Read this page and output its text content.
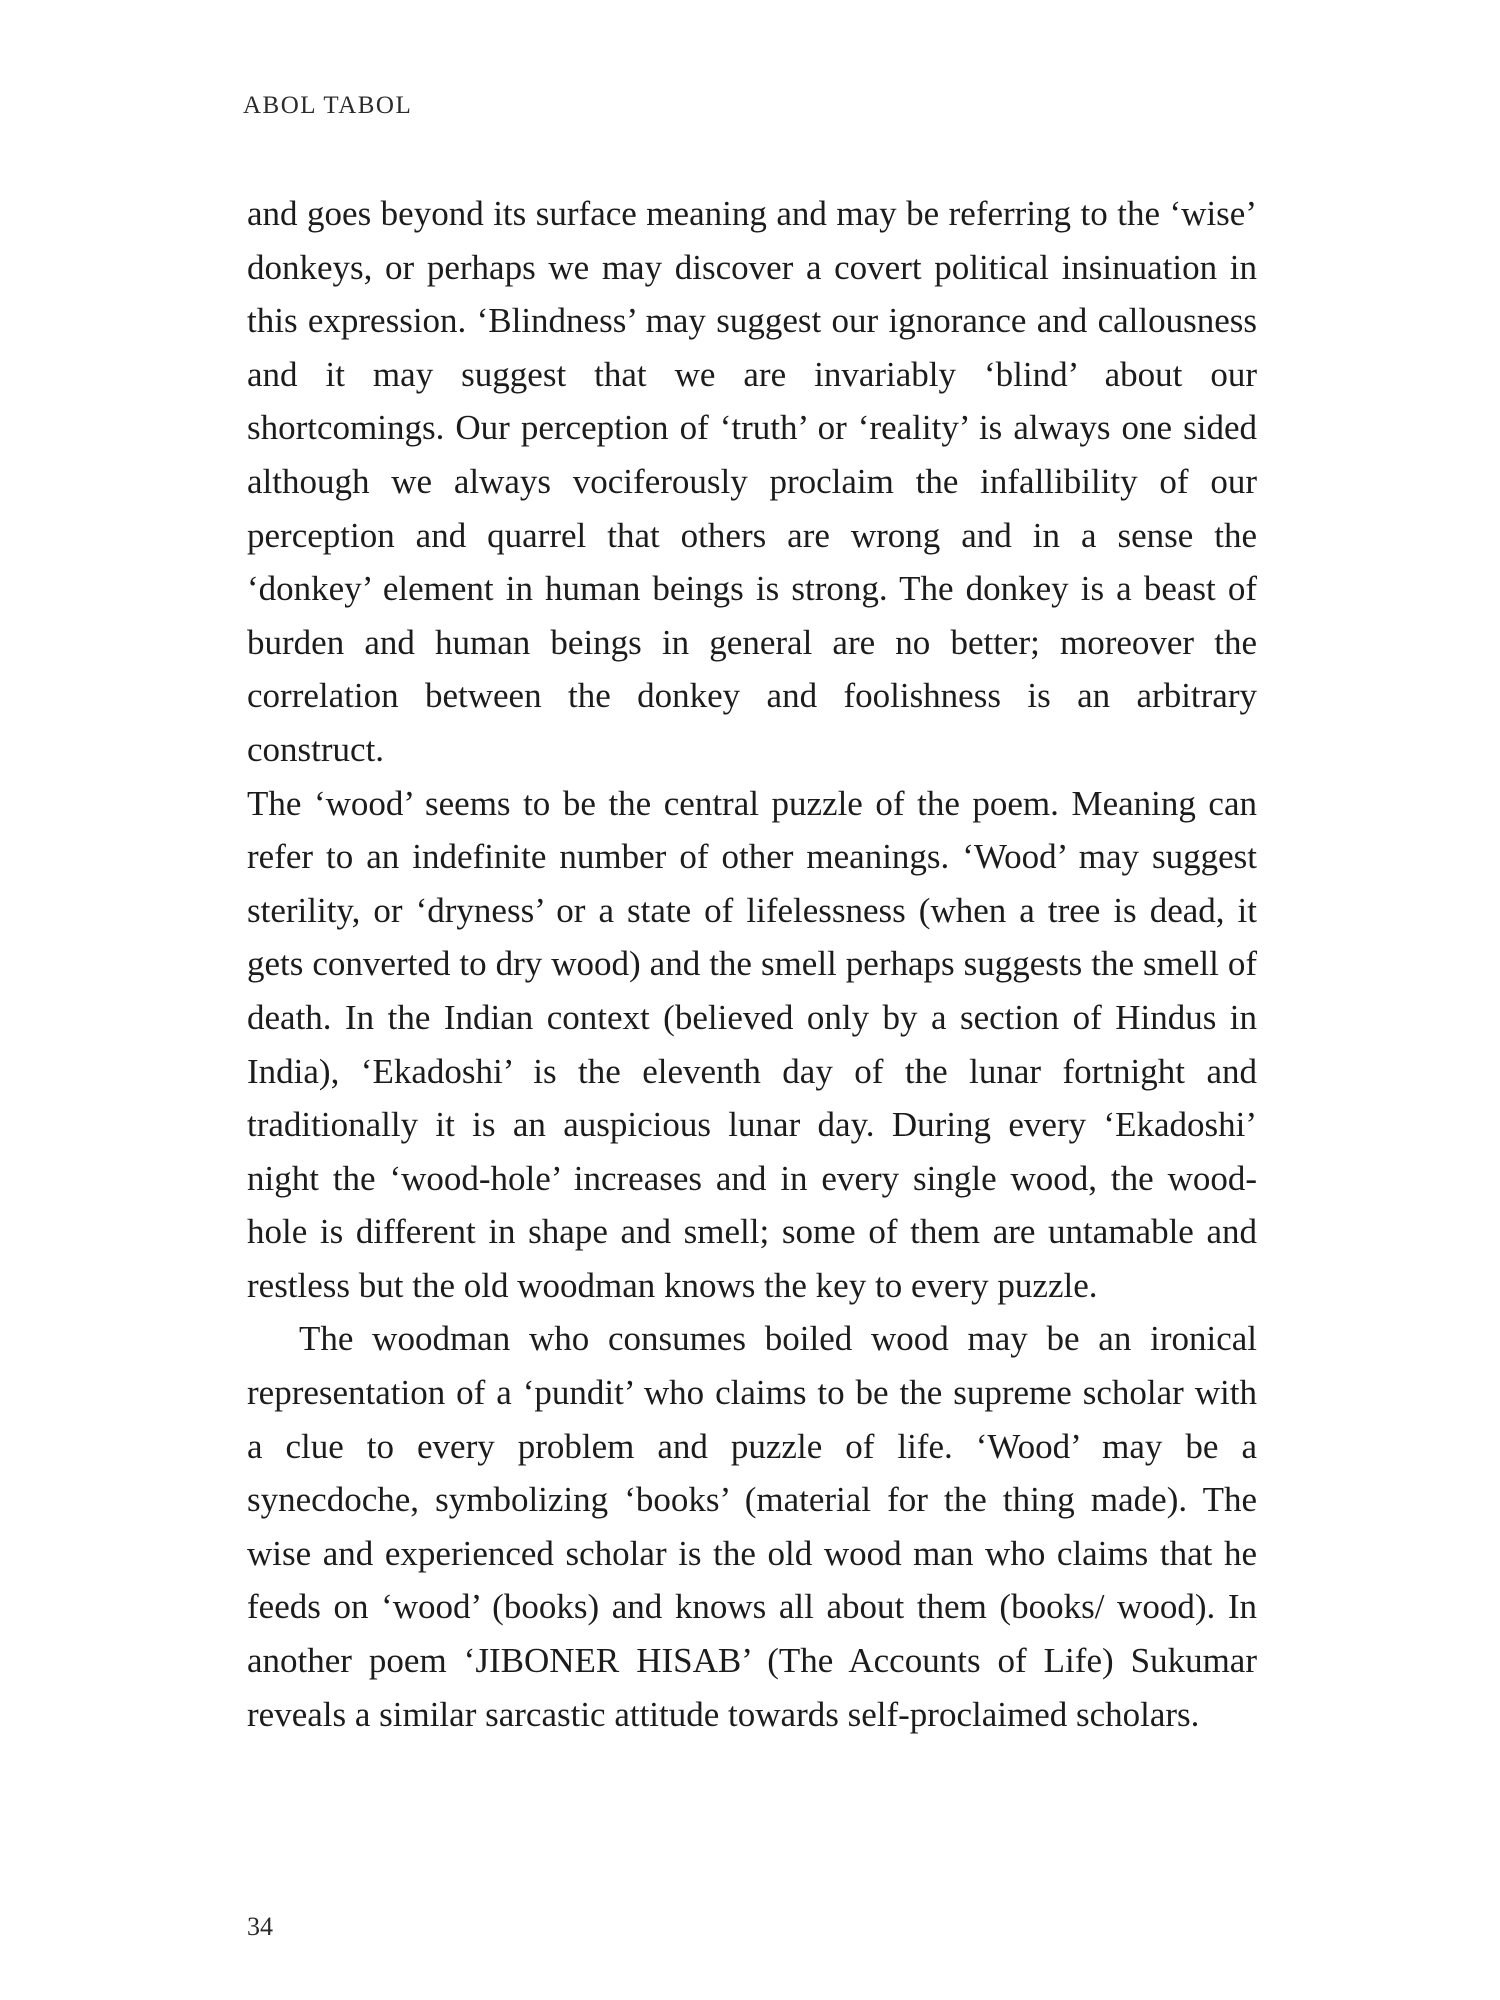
ABOL TABOL

and goes beyond its surface meaning and may be referring to the ‘wise’ donkeys, or perhaps we may discover a covert political insinuation in this expression. ‘Blindness’ may suggest our ignorance and callousness and it may suggest that we are invariably ‘blind’ about our shortcomings. Our perception of ‘truth’ or ‘reality’ is always one sided although we always vociferously proclaim the infallibility of our perception and quarrel that others are wrong and in a sense the ‘donkey’ element in human beings is strong. The donkey is a beast of burden and human beings in general are no better; moreover the correlation between the donkey and foolishness is an arbitrary construct.

The ‘wood’ seems to be the central puzzle of the poem. Meaning can refer to an indefinite number of other meanings. ‘Wood’ may suggest sterility, or ‘dryness’ or a state of lifelessness (when a tree is dead, it gets converted to dry wood) and the smell perhaps suggests the smell of death. In the Indian context (believed only by a section of Hindus in India), ‘Ekadoshi’ is the eleventh day of the lunar fortnight and traditionally it is an auspicious lunar day. During every ‘Ekadoshi’ night the ‘wood-hole’ increases and in every single wood, the wood-hole is different in shape and smell; some of them are untamable and restless but the old woodman knows the key to every puzzle.

The woodman who consumes boiled wood may be an ironical representation of a ‘pundit’ who claims to be the supreme scholar with a clue to every problem and puzzle of life. ‘Wood’ may be a synecdoche, symbolizing ‘books’ (material for the thing made). The wise and experienced scholar is the old wood man who claims that he feeds on ‘wood’ (books) and knows all about them (books/ wood). In another poem ‘JIBONER HISAB’ (The Accounts of Life) Sukumar reveals a similar sarcastic attitude towards self-proclaimed scholars.

34
